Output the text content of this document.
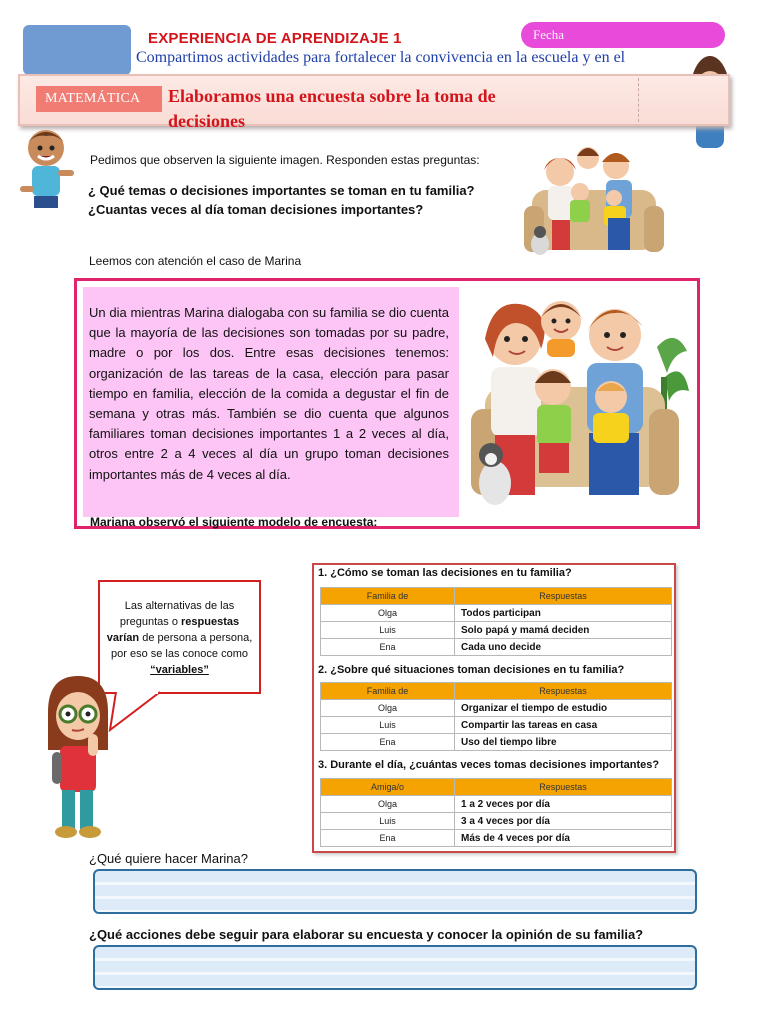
EXPERIENCIA DE APRENDIZAJE 1
Compartimos actividades para fortalecer la convivencia en la escuela y en el
Fecha
MATEMÁTICA	Elaboramos una encuesta sobre la toma de decisiones
Pedimos que observen la siguiente imagen. Responden estas preguntas:
¿ Qué temas o decisiones importantes se toman en tu familia?
¿Cuantas veces al día toman decisiones importantes?
Leemos con atención el caso de Marina
Un dia mientras Marina dialogaba con su familia se dio cuenta que la mayoría de las decisiones son tomadas por su padre, madre o por los dos. Entre esas decisiones tenemos: organización de las tareas de la casa, elección para pasar tiempo en familia, elección de la comida a degustar el fin de semana y otras más. También se dio cuenta que algunos familiares toman decisiones importantes 1 a 2 veces al día, otros entre 2 a 4 veces al día un grupo toman decisiones importantes más de 4 veces al día.
Mariana observó el siguiente modelo de encuesta:
Las alternativas de las preguntas o respuestas varían de persona a persona, por eso se las conoce como “variables”
1. ¿Cómo se toman las decisiones en tu familia?
Familia de	Respuestas
Olga	Todos participan
Luis	Solo papá y mamá deciden
Ena	Cada uno decide
2. ¿Sobre qué situaciones toman decisiones en tu familia?
Familia de	Respuestas
Olga	Organizar el tiempo de estudio
Luis	Compartir las tareas en casa
Ena	Uso del tiempo libre
3. Durante el día, ¿cuántas veces tomas decisiones importantes?
Amiga/o	Respuestas
Olga	1 a 2 veces por día
Luis	3 a 4 veces por día
Ena	Más de 4 veces por día
¿Qué quiere hacer Marina?
¿Qué acciones debe seguir para elaborar su encuesta y conocer la opinión de su familia?
